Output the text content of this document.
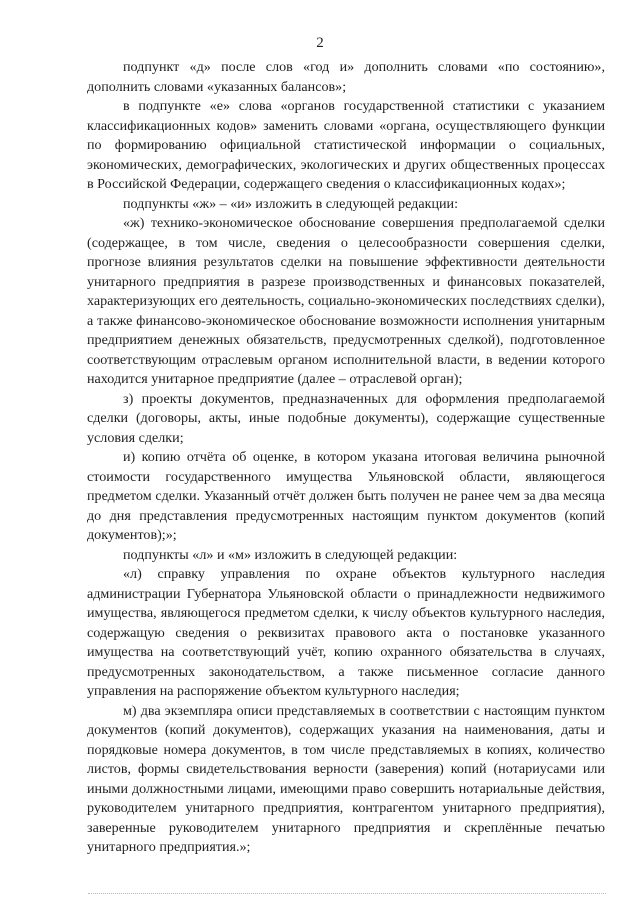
2

подпункт «д» после слов «год и» дополнить словами «по состоянию», дополнить словами «указанных балансов»;

в подпункте «е» слова «органов государственной статистики с указанием классификационных кодов» заменить словами «органа, осуществляющего функции по формированию официальной статистической информации о социальных, экономических, демографических, экологических и других общественных процессах в Российской Федерации, содержащего сведения о классификационных кодах»;

подпункты «ж» – «и» изложить в следующей редакции:

«ж) технико-экономическое обоснование совершения предполагаемой сделки (содержащее, в том числе, сведения о целесообразности совершения сделки, прогнозе влияния результатов сделки на повышение эффективности деятельности унитарного предприятия в разрезе производственных и финансовых показателей, характеризующих его деятельность, социально-экономических последствиях сделки), а также финансово-экономическое обоснование возможности исполнения унитарным предприятием денежных обязательств, предусмотренных сделкой), подготовленное соответствующим отраслевым органом исполнительной власти, в ведении которого находится унитарное предприятие (далее – отраслевой орган);

з) проекты документов, предназначенных для оформления предполагаемой сделки (договоры, акты, иные подобные документы), содержащие существенные условия сделки;

и) копию отчёта об оценке, в котором указана итоговая величина рыночной стоимости государственного имущества Ульяновской области, являющегося предметом сделки. Указанный отчёт должен быть получен не ранее чем за два месяца до дня представления предусмотренных настоящим пунктом документов (копий документов);»;

подпункты «л» и «м» изложить в следующей редакции:

«л) справку управления по охране объектов культурного наследия администрации Губернатора Ульяновской области о принадлежности недвижимого имущества, являющегося предметом сделки, к числу объектов культурного наследия, содержащую сведения о реквизитах правового акта о постановке указанного имущества на соответствующий учёт, копию охранного обязательства в случаях, предусмотренных законодательством, а также письменное согласие данного управления на распоряжение объектом культурного наследия;

м) два экземпляра описи представляемых в соответствии с настоящим пунктом документов (копий документов), содержащих указания на наименования, даты и порядковые номера документов, в том числе представляемых в копиях, количество листов, формы свидетельствования верности (заверения) копий (нотариусами или иными должностными лицами, имеющими право совершить нотариальные действия, руководителем унитарного предприятия, контрагентом унитарного предприятия), заверенные руководителем унитарного предприятия и скреплённые печатью унитарного предприятия.»;
